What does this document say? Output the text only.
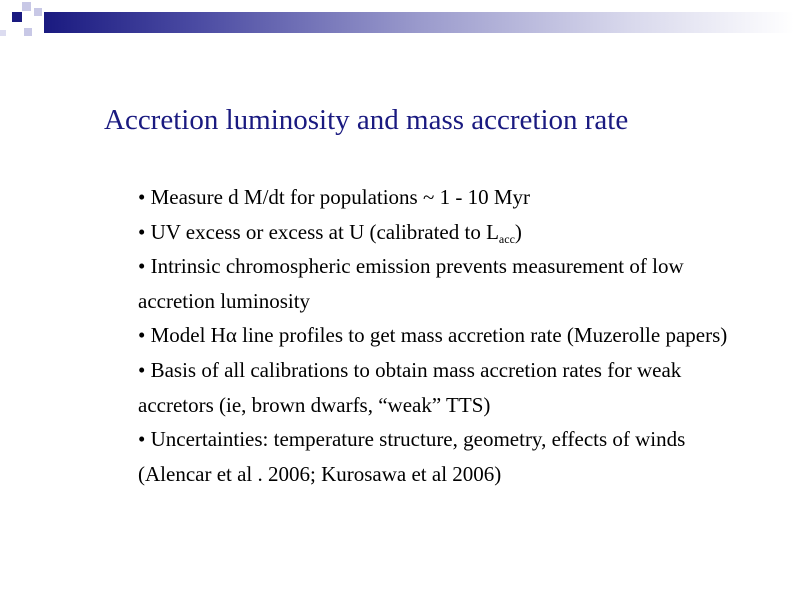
Accretion luminosity and mass accretion rate
• Measure d M/dt for populations ~ 1 - 10 Myr
• UV excess or excess at U (calibrated to $L_{acc}$)
• Intrinsic chromospheric emission prevents measurement of low accretion luminosity
• Model Hα line profiles to get mass accretion rate (Muzerolle papers)
• Basis of all calibrations to obtain mass accretion rates for weak accretors (ie, brown dwarfs, “weak” TTS)
• Uncertainties: temperature structure, geometry, effects of winds (Alencar et al . 2006; Kurosawa et al 2006)
